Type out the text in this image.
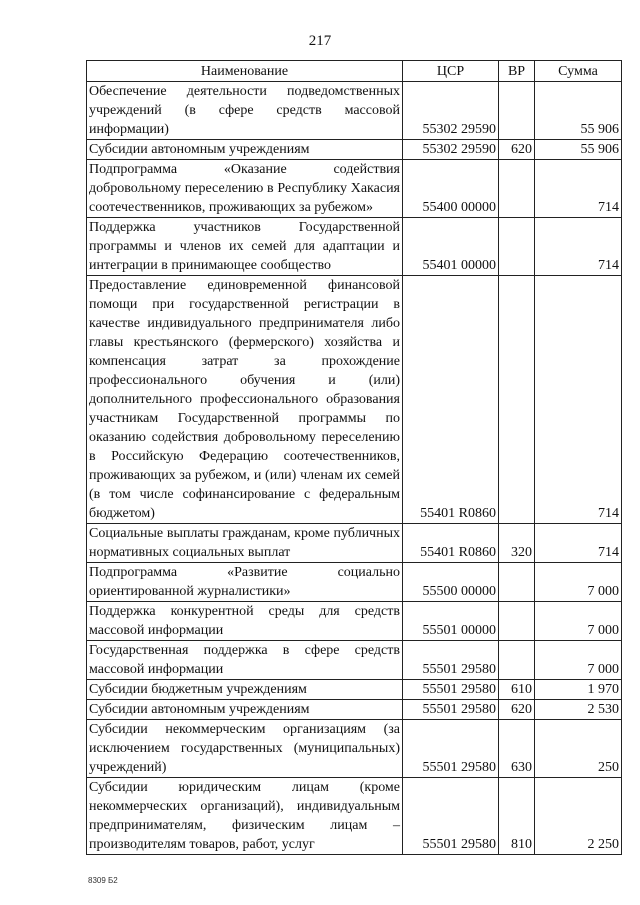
217
Наименование	ЦСР	ВР	Сумма
Обеспечение деятельности подведомственных учреждений (в сфере средств массовой информации)	55302 29590		55 906
Субсидии автономным учреждениям	55302 29590	620	55 906
Подпрограмма «Оказание содействия добровольному переселению в Республику Хакасия соотечественников, проживающих за рубежом»	55400 00000		714
Поддержка участников Государственной программы и членов их семей для адаптации и интеграции в принимающее сообщество	55401 00000		714
Предоставление единовременной финансовой помощи при государственной регистрации в качестве индивидуального предпринимателя либо главы крестьянского (фермерского) хозяйства и компенсация затрат за прохождение профессионального обучения и (или) дополнительного профессионального образования участникам Государственной программы по оказанию содействия добровольному переселению в Российскую Федерацию соотечественников, проживающих за рубежом, и (или) членам их семей (в том числе софинансирование с федеральным бюджетом)	55401 R0860		714
Социальные выплаты гражданам, кроме публичных нормативных социальных выплат	55401 R0860	320	714
Подпрограмма «Развитие социально ориентированной журналистики»	55500 00000		7 000
Поддержка конкурентной среды для средств массовой информации	55501 00000		7 000
Государственная поддержка в сфере средств массовой информации	55501 29580		7 000
Субсидии бюджетным учреждениям	55501 29580	610	1 970
Субсидии автономным учреждениям	55501 29580	620	2 530
Субсидии некоммерческим организациям (за исключением государственных (муниципальных) учреждений)	55501 29580	630	250
Субсидии юридическим лицам (кроме некоммерческих организаций), индивидуальным предпринимателям, физическим лицам – производителям товаров, работ, услуг	55501 29580	810	2 250
8309 Б2
